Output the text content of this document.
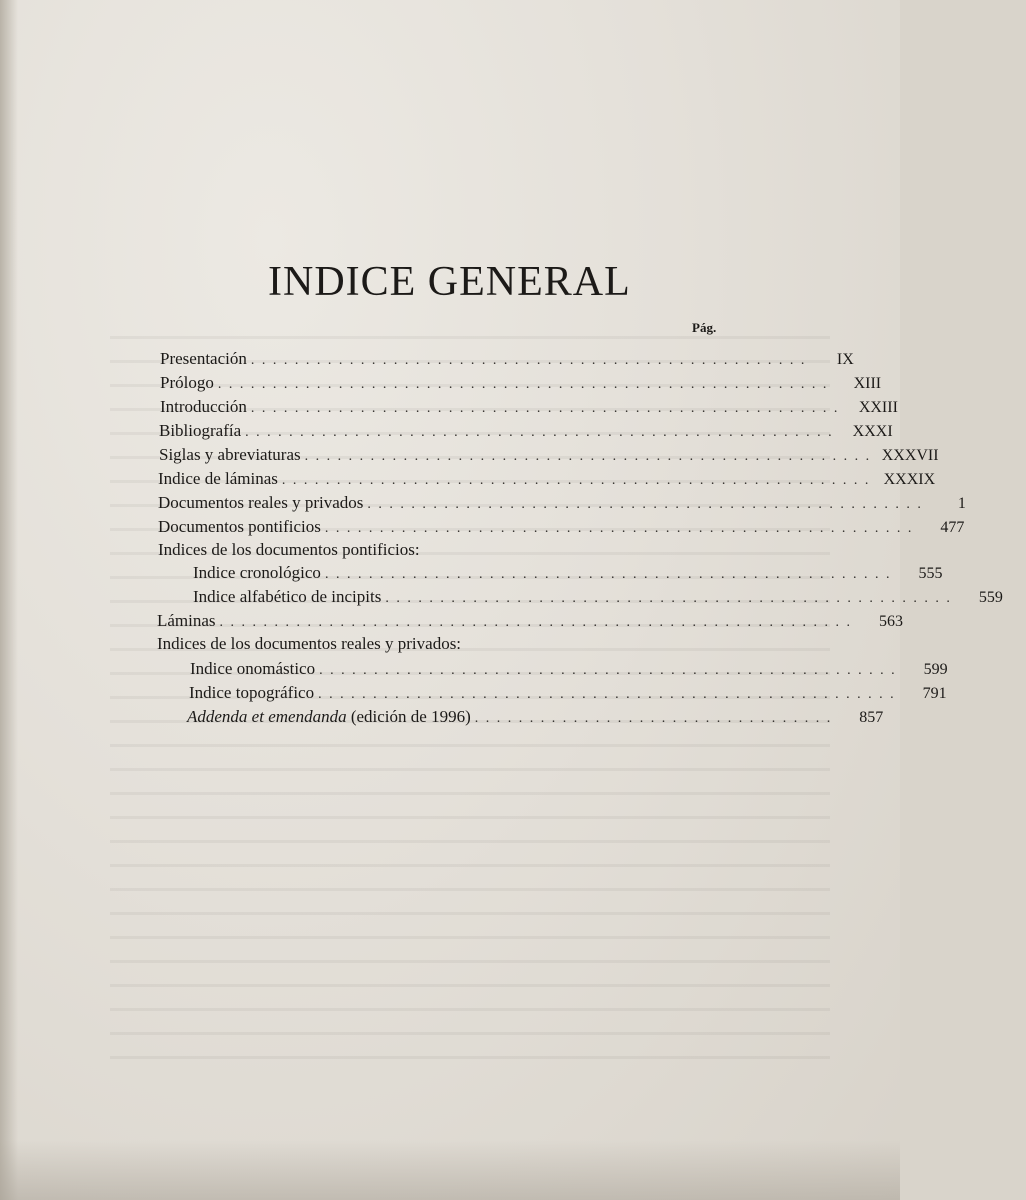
INDICE GENERAL
Pág.
Presentación . . . . . . . . . . . . . . . . . . . . . . . . . . . . . . . . . . . . . . . . . . . . . . . . . . .	IX
Prólogo . . . . . . . . . . . . . . . . . . . . . . . . . . . . . . . . . . . . . . . . . . . . . . . . . . . . . . . .	XIII
Introducción . . . . . . . . . . . . . . . . . . . . . . . . . . . . . . . . . . . . . . . . . . . . . . . . . . . . . .	XXIII
Bibliografía . . . . . . . . . . . . . . . . . . . . . . . . . . . . . . . . . . . . . . . . . . . . . . . . . . . . . .	XXXI
Siglas y abreviaturas . . . . . . . . . . . . . . . . . . . . . . . . . . . . . . . . . . . . . . . . . . . . . . . . . . . . XXXVII
Indice de láminas . . . . . . . . . . . . . . . . . . . . . . . . . . . . . . . . . . . . . . . . . . . . . . . . . . . . . . XXXIX
Documentos reales y privados . . . . . . . . . . . . . . . . . . . . . . . . . . . . . . . . . . . . . . . . . . . . . . . . . . .	1
Documentos pontificios . . . . . . . . . . . . . . . . . . . . . . . . . . . . . . . . . . . . . . . . . . . . . . . . . . . . . .	477
Indices de los documentos pontificios:
Indice cronológico . . . . . . . . . . . . . . . . . . . . . . . . . . . . . . . . . . . . . . . . . . . . . . . . . . . .	555
Indice alfabético de incipits . . . . . . . . . . . . . . . . . . . . . . . . . . . . . . . . . . . . . . . . . . . . . . . . . . . .	559
Láminas . . . . . . . . . . . . . . . . . . . . . . . . . . . . . . . . . . . . . . . . . . . . . . . . . . . . . . . . . .	563
Indices de los documentos reales y privados:
Indice onomástico . . . . . . . . . . . . . . . . . . . . . . . . . . . . . . . . . . . . . . . . . . . . . . . . . . . . .	599
Indice topográfico . . . . . . . . . . . . . . . . . . . . . . . . . . . . . . . . . . . . . . . . . . . . . . . . . . . . .	791
Addenda et emendanda (edición de 1996) . . . . . . . . . . . . . . . . . . . . . . . . . . . . . . . . .	857
